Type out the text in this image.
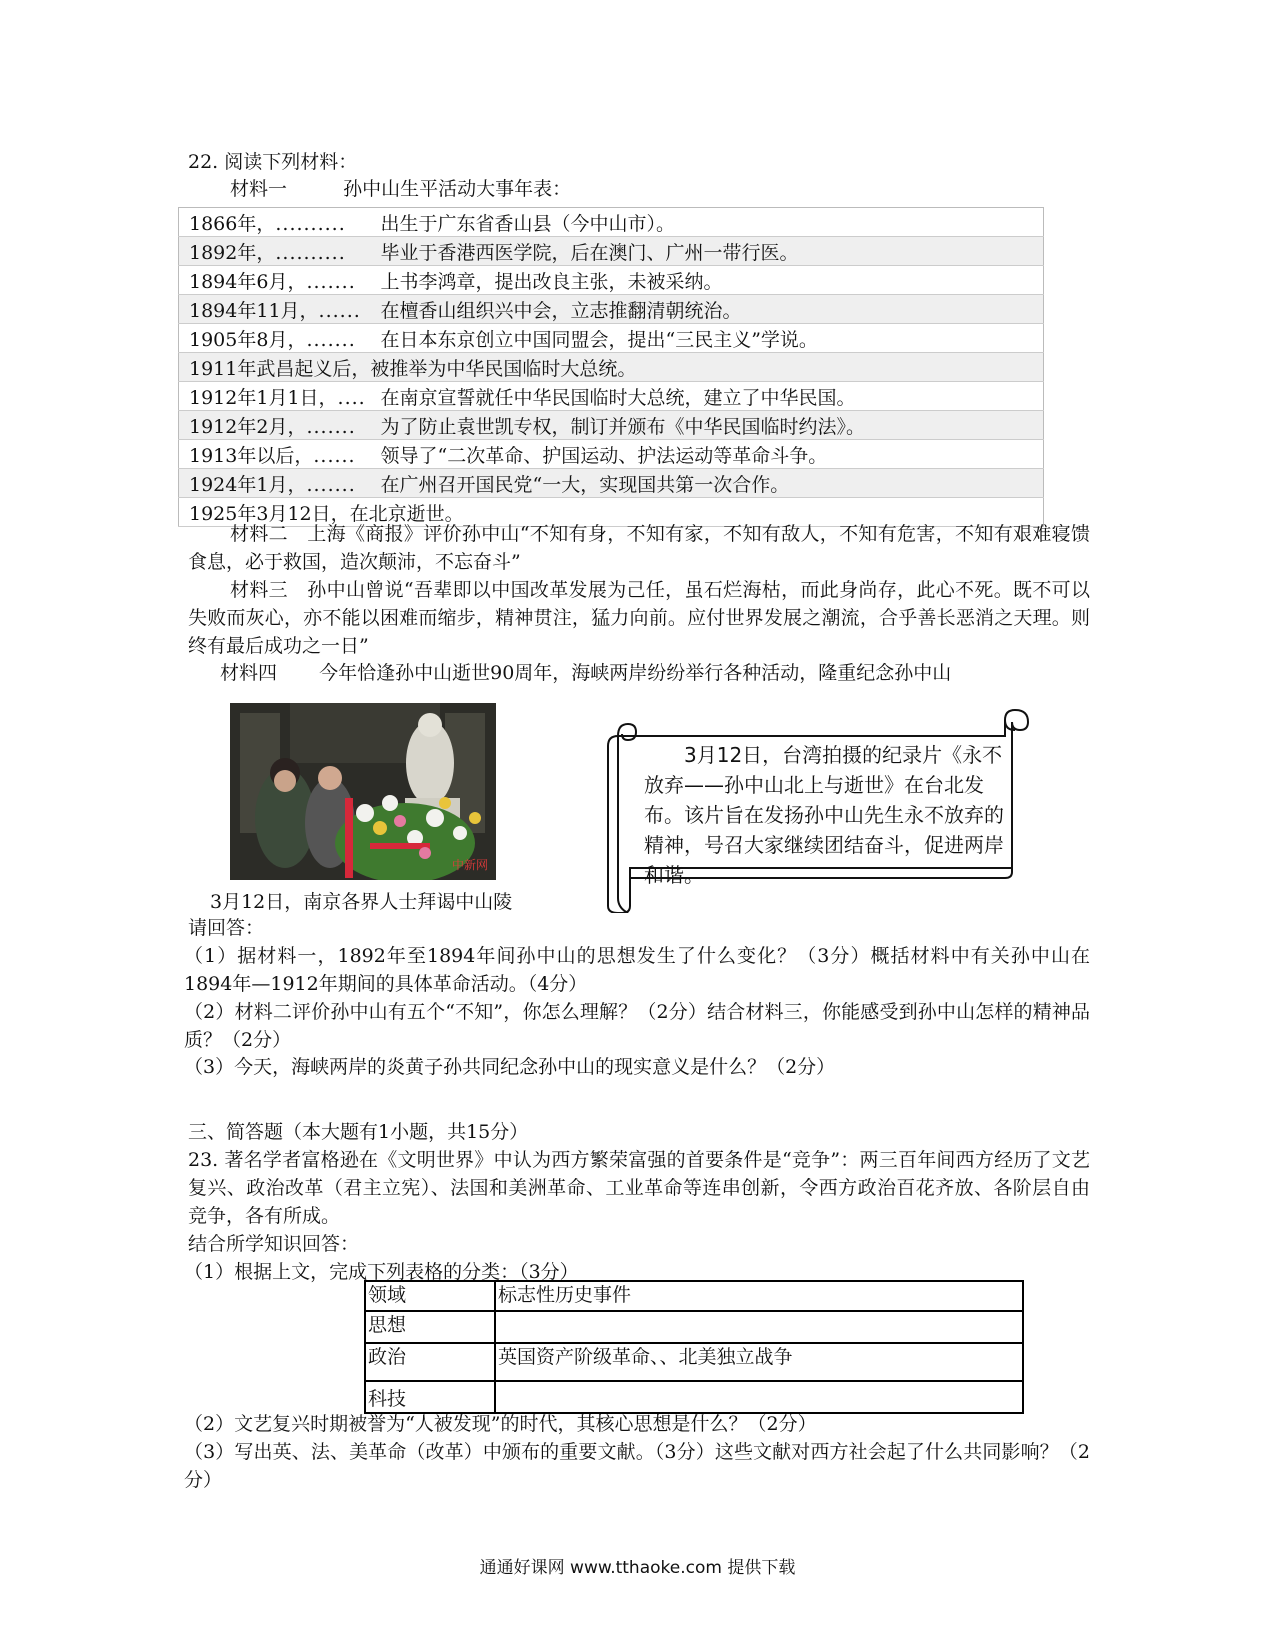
22. 阅读下列材料：
材料一	孙中山生平活动大事年表：
1866年，.......... 出生于广东省香山县（今中山市）。
1892年，.......... 毕业于香港西医学院，后在澳门、广州一带行医。
1894年6月，....... 上书李鸿章，提出改良主张，未被采纳。
1894年11月，...... 在檀香山组织兴中会，立志推翻清朝统治。
1905年8月，....... 在日本东京创立中国同盟会，提出“三民主义”学说。
1911年武昌起义后，被推举为中华民国临时大总统。
1912年1月1日，.... 在南京宣誓就任中华民国临时大总统，建立了中华民国。
1912年2月，....... 为了防止袁世凯专权，制订并颁布《中华民国临时约法》。
1913年以后，...... 领导了“二次革命、护国运动、护法运动等革命斗争。
1924年1月，....... 在广州召开国民党“一大，实现国共第一次合作。
1925年3月12日，在北京逝世。
材料二　上海《商报》评价孙中山“不知有身，不知有家，不知有敌人，不知有危害，不知有艰难寝馈食息，必于救国，造次颠沛，不忘奋斗”
材料三　孙中山曾说“吾辈即以中国改革发展为己任，虽石烂海枯，而此身尚存，此心不死。既不可以失败而灰心，亦不能以困难而缩步，精神贯注，猛力向前。应付世界发展之潮流，合乎善长恶消之天理。则终有最后成功之一日”
材料四 今年恰逢孙中山逝世90周年，海峡两岸纷纷举行各种活动，隆重纪念孙中山
中新网
3月12日，南京各界人士拜谒中山陵
3月12日，台湾拍摄的纪录片《永不放弃——孙中山北上与逝世》在台北发布。该片旨在发扬孙中山先生永不放弃的精神，号召大家继续团结奋斗，促进两岸和谐。
请回答：
（1）据材料一，1892年至1894年间孙中山的思想发生了什么变化？（3分）概括材料中有关孙中山在1894年—1912年期间的具体革命活动。（4分）
（2）材料二评价孙中山有五个“不知”，你怎么理解？（2分）结合材料三，你能感受到孙中山怎样的精神品质？（2分）
（3）今天，海峡两岸的炎黄子孙共同纪念孙中山的现实意义是什么？（2分）
三、简答题（本大题有1小题，共15分）
23. 著名学者富格逊在《文明世界》中认为西方繁荣富强的首要条件是“竞争”：两三百年间西方经历了文艺复兴、政治改革（君主立宪）、法国和美洲革命、工业革命等连串创新，令西方政治百花齐放、各阶层自由竞争，各有所成。
结合所学知识回答：
（1）根据上文，完成下列表格的分类：（3分）
领域	标志性历史事件
思想	
政治	英国资产阶级革命、、北美独立战争
科技	
（2）文艺复兴时期被誉为“人被发现”的时代，其核心思想是什么？（2分）
（3）写出英、法、美革命（改革）中颁布的重要文献。（3分）这些文献对西方社会起了什么共同影响？（2分）
通通好课网 www.tthaoke.com 提供下载
